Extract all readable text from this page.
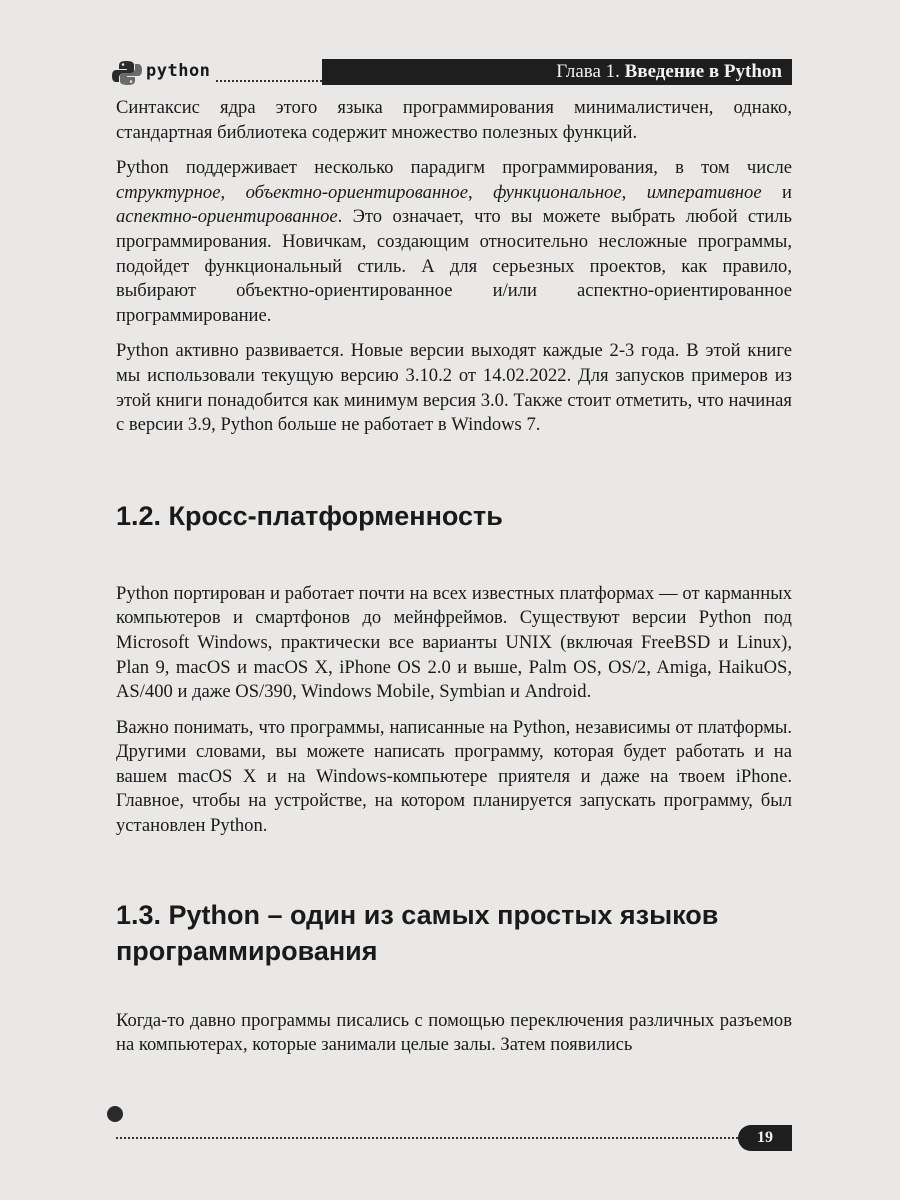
python	Глава 1. Введение в Python

Синтаксис ядра этого языка программирования минималистичен, однако, стандартная библиотека содержит множество полезных функций.

Python поддерживает несколько парадигм программирования, в том числе структурное, объектно-ориентированное, функциональное, императивное и аспектно-ориентированное. Это означает, что вы можете выбрать любой стиль программирования. Новичкам, создающим относительно несложные программы, подойдет функциональный стиль. А для серьезных проектов, как правило, выбирают объектно-ориентированное и/или аспектно-ориентированное программирование.

Python активно развивается. Новые версии выходят каждые 2-3 года. В этой книге мы использовали текущую версию 3.10.2 от 14.02.2022. Для запусков примеров из этой книги понадобится как минимум версия 3.0. Также стоит отметить, что начиная с версии 3.9, Python больше не работает в Windows 7.

1.2. Кросс-платформенность

Python портирован и работает почти на всех известных платформах — от карманных компьютеров и смартфонов до мейнфреймов. Существуют версии Python под Microsoft Windows, практически все варианты UNIX (включая FreeBSD и Linux), Plan 9, macOS и macOS X, iPhone OS 2.0 и выше, Palm OS, OS/2, Amiga, HaikuOS, AS/400 и даже OS/390, Windows Mobile, Symbian и Android.

Важно понимать, что программы, написанные на Python, независимы от платформы. Другими словами, вы можете написать программу, которая будет работать и на вашем macOS X и на Windows-компьютере приятеля и даже на твоем iPhone. Главное, чтобы на устройстве, на котором планируется запускать программу, был установлен Python.

1.3. Python – один из самых простых языков программирования

Когда-то давно программы писались с помощью переключения различных разъемов на компьютерах, которые занимали целые залы. Затем появились

19
